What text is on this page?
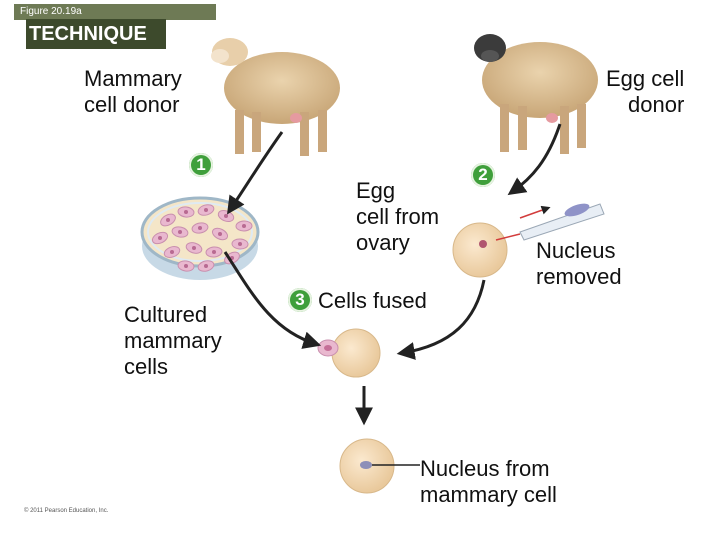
Figure 20.19a
TECHNIQUE
Mammary
cell donor
Egg cell
donor
1
2
3
Egg
cell from
ovary	Nucleus
removed
Cultured
mammary
cells
Cells fused
Nucleus from
mammary cell
© 2011 Pearson Education, Inc.
